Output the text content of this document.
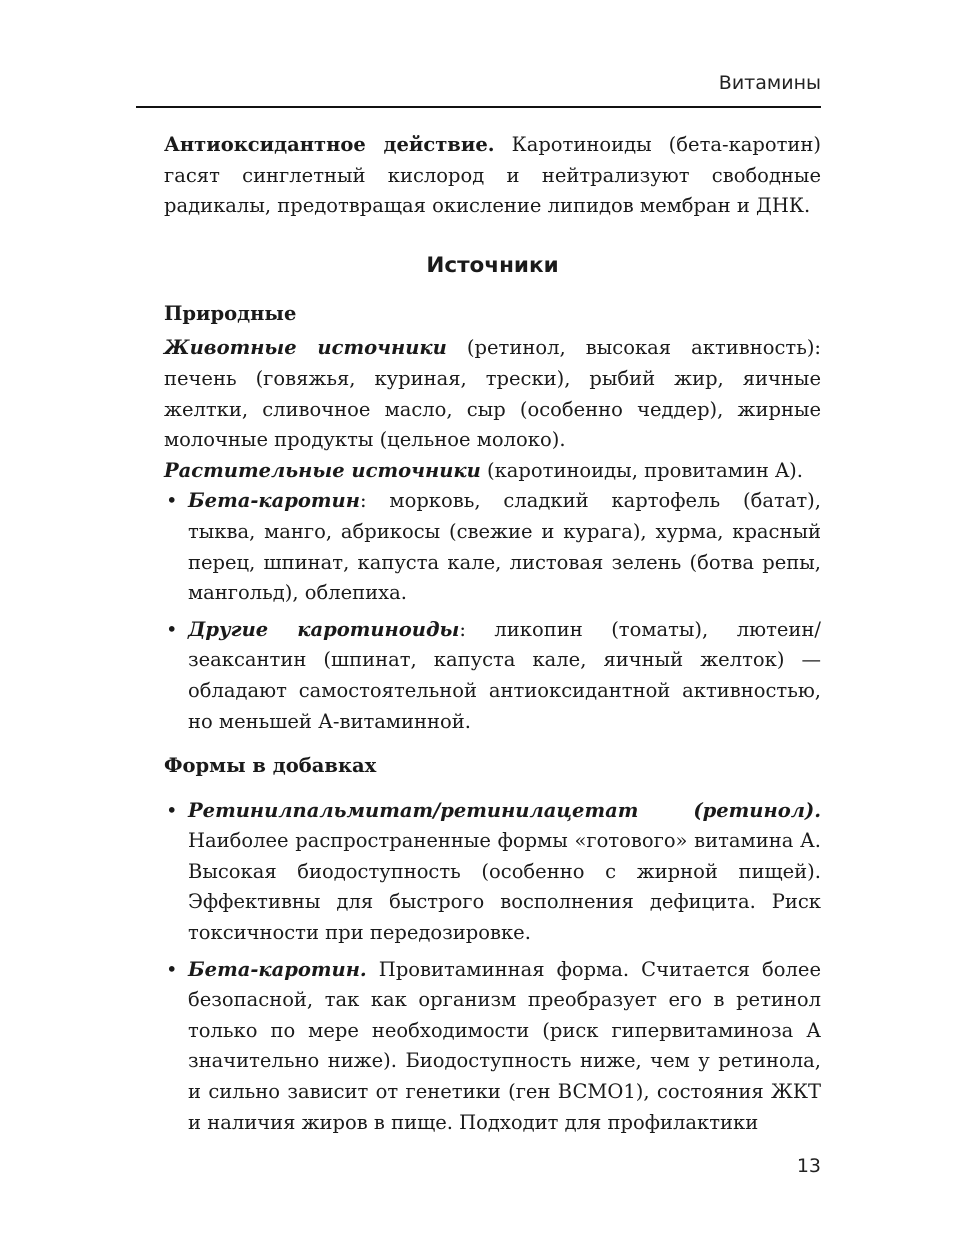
Витамины

Антиоксидантное действие. Каротиноиды (бета-каротин) гасят синглетный кислород и нейтрализуют свободные радикалы, предотвращая окисление липидов мембран и ДНК.

Источники
Природные

Животные источники (ретинол, высокая активность): печень (говяжья, куриная, трески), рыбий жир, яичные желтки, сливочное масло, сыр (особенно чеддер), жирные молочные продукты (цельное молоко).

Растительные источники (каротиноиды, провитамин A).

• Бета-каротин: морковь, сладкий картофель (батат), тыква, манго, абрикосы (свежие и курага), хурма, красный перец, шпинат, капуста кале, листовая зелень (ботва репы, мангольд), облепиха.
• Другие каротиноиды: ликопин (томаты), лютеин/зеаксантин (шпинат, капуста кале, яичный желток) — обладают самостоятельной антиоксидантной активностью, но меньшей А-витаминной.
Формы в добавках
• Ретинилпальмитат/ретинилацетат (ретинол). Наиболее распространенные формы «готового» витамина А. Высокая биодоступность (особенно с жирной пищей). Эффективны для быстрого восполнения дефицита. Риск токсичности при передозировке.
• Бета-каротин. Провитаминная форма. Считается более безопасной, так как организм преобразует его в ретинол только по мере необходимости (риск гипервитаминоза А значительно ниже). Биодоступность ниже, чем у ретинола, и сильно зависит от генетики (ген BCMO1), состояния ЖКТ и наличия жиров в пище. Подходит для профилактики
13
